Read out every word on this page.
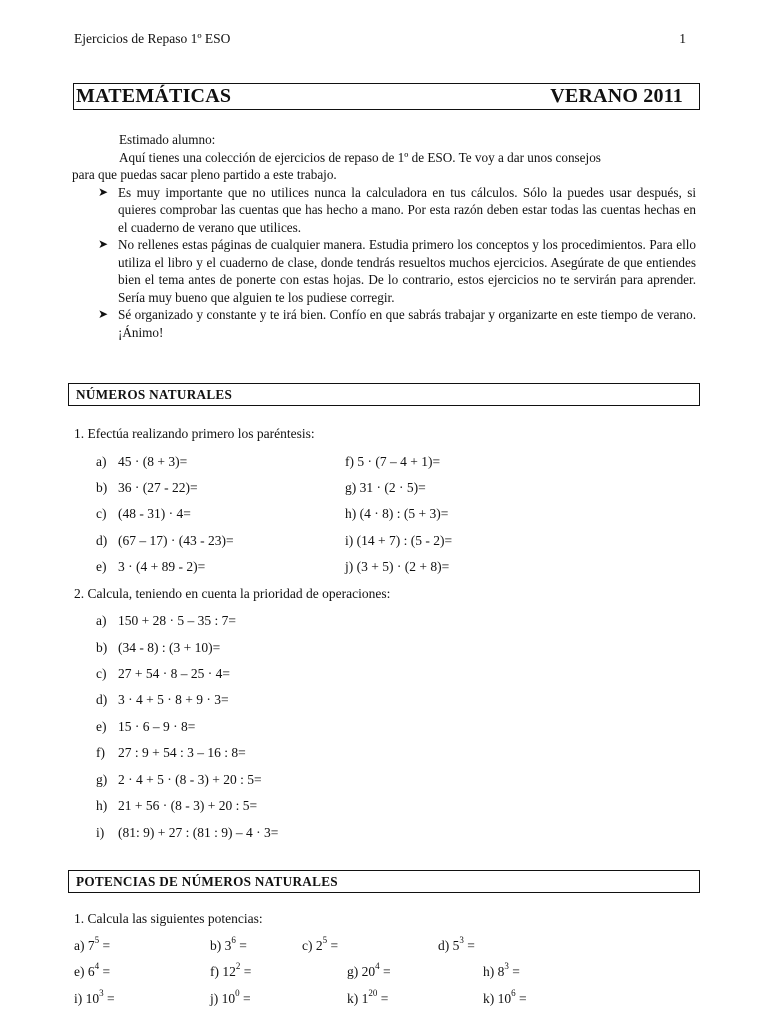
Ejercicios de Repaso 1º ESO	1
MATEMÁTICAS	VERANO 2011

Estimado alumno:

Aquí tienes una colección de ejercicios de repaso de 1º de ESO. Te voy a dar unos consejos

para que puedas sacar pleno partido a este trabajo.

➤ Es muy importante que no utilices nunca la calculadora en tus cálculos. Sólo la puedes usar después, si quieres comprobar las cuentas que has hecho a mano. Por esta razón deben estar todas las cuentas hechas en el cuaderno de verano que utilices.
➤ No rellenes estas páginas de cualquier manera. Estudia primero los conceptos y los procedimientos. Para ello utiliza el libro y el cuaderno de clase, donde tendrás resueltos muchos ejercicios. Asegúrate de que entiendes bien el tema antes de ponerte con estas hojas. De lo contrario, estos ejercicios no te servirán para aprender. Sería muy bueno que alguien te los pudiese corregir.
➤ Sé organizado y constante y te irá bien. Confío en que sabrás trabajar y organizarte en este tiempo de verano. ¡Ánimo!
NÚMEROS NATURALES
1. Efectúa realizando primero los paréntesis:
a) 45 · (8 + 3)=
b) 36 · (27 - 22)=
c) (48 - 31) · 4=
d) (67 – 17) · (43 - 23)=
e) 3 · (4 + 89 - 2)=
f) 5 · (7 – 4 + 1)=
g) 31 · (2 · 5)=
h) (4 · 8) : (5 + 3)=
i) (14 + 7) : (5 - 2)=
j) (3 + 5) · (2 + 8)=
2. Calcula, teniendo en cuenta la prioridad de operaciones:
a) 150 + 28 · 5 – 35 : 7=
b) (34 - 8) : (3 + 10)=
c) 27 + 54 · 8 – 25 · 4=
d) 3 · 4 + 5 · 8 + 9 · 3=
e) 15 · 6 – 9 · 8=
f) 27 : 9 + 54 : 3 – 16 : 8=
g) 2 · 4 + 5 · (8 - 3) + 20 : 5=
h) 21 + 56 · (8 - 3) + 20 : 5=
i) (81: 9) + 27 : (81 : 9) – 4 · 3=
POTENCIAS DE NÚMEROS NATURALES
1. Calcula las siguientes potencias:
a) $7^5$ =	b) $3^6$ =	c) $2^5$ =	d) $5^3$ =
e) $6^4$ =	f) $12^2$ =	g) $20^4$ =	h) $8^3$ =
i) $10^3$ =	j) $10^0$ =	k) $1^{20}$ =	k) $10^6$ =
